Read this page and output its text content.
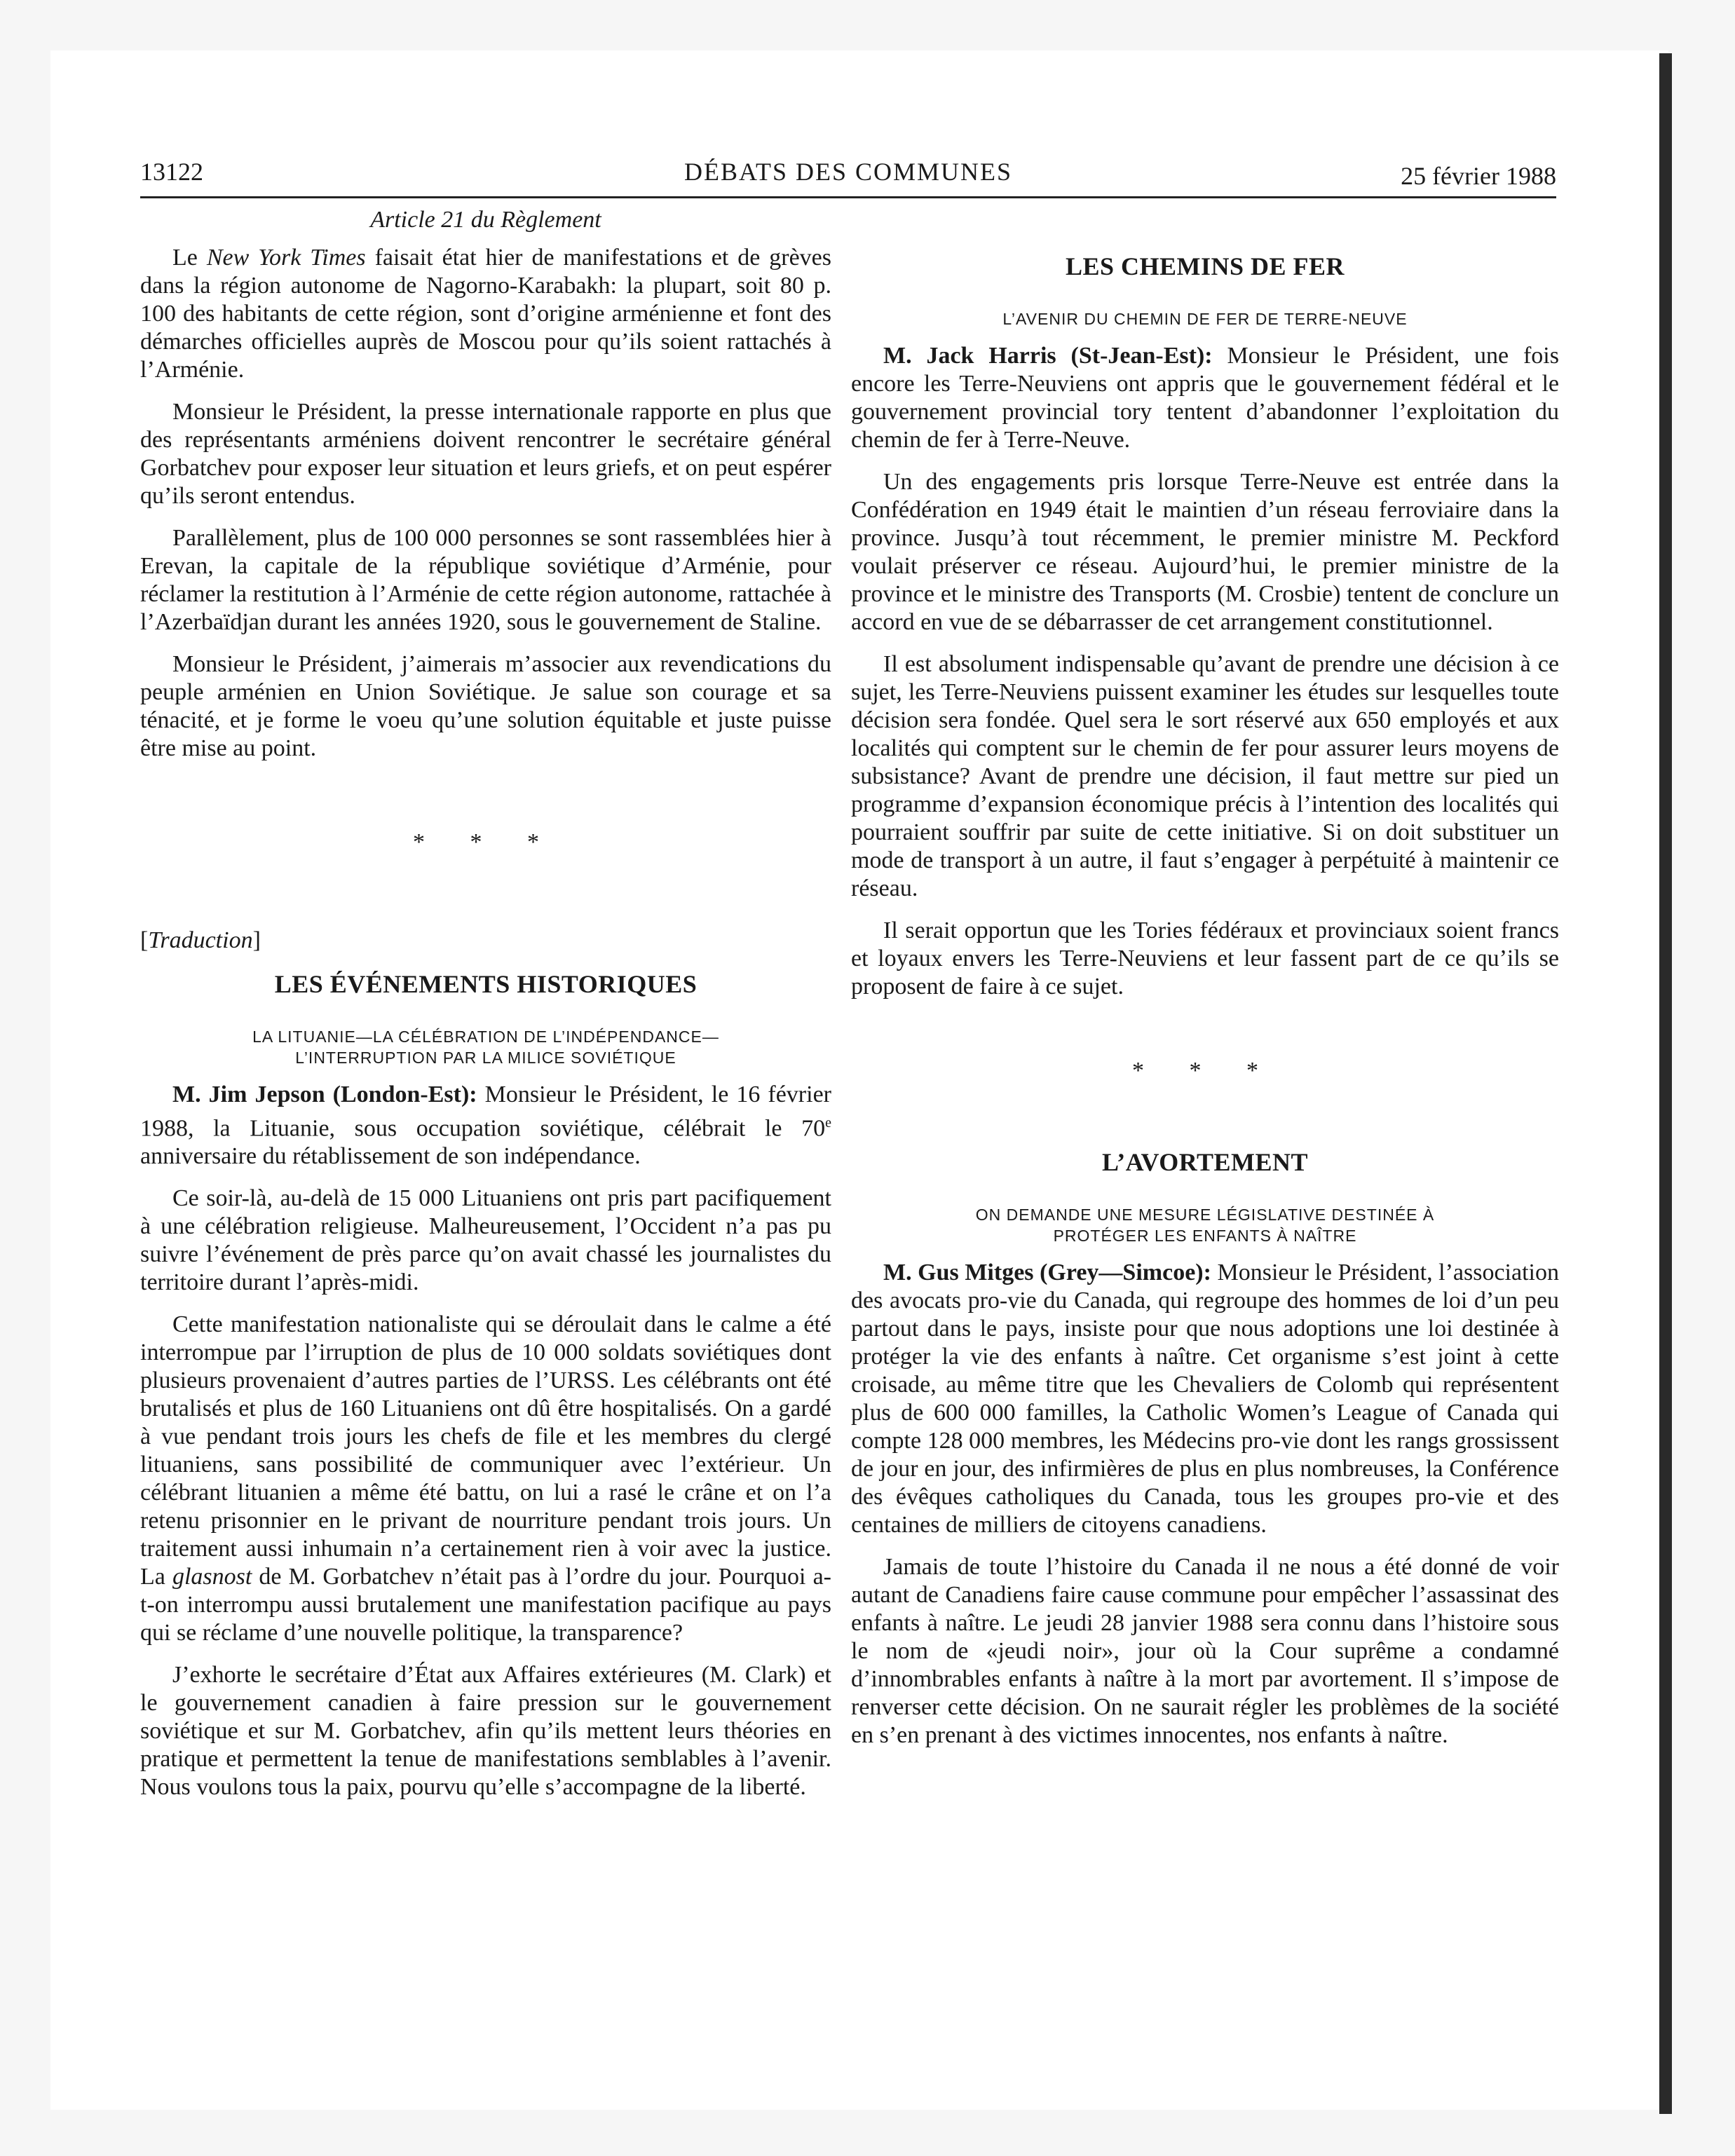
13122	DÉBATS DES COMMUNES	25 février 1988
Article 21 du Règlement

Le New York Times faisait état hier de manifestations et de grèves dans la région autonome de Nagorno-Karabakh: la plupart, soit 80 p. 100 des habitants de cette région, sont d’origine arménienne et font des démarches officielles auprès de Moscou pour qu’ils soient rattachés à l’Arménie.

Monsieur le Président, la presse internationale rapporte en plus que des représentants arméniens doivent rencontrer le secrétaire général Gorbatchev pour exposer leur situation et leurs griefs, et on peut espérer qu’ils seront entendus.

Parallèlement, plus de 100 000 personnes se sont rassemblées hier à Erevan, la capitale de la république soviétique d’Arménie, pour réclamer la restitution à l’Arménie de cette région autonome, rattachée à l’Azerbaïdjan durant les années 1920, sous le gouvernement de Staline.

Monsieur le Président, j’aimerais m’associer aux revendications du peuple arménien en Union Soviétique. Je salue son courage et sa ténacité, et je forme le voeu qu’une solution équitable et juste puisse être mise au point.

* * *
[Traduction]
LES ÉVÉNEMENTS HISTORIQUES
LA LITUANIE—LA CÉLÉBRATION DE L’INDÉPENDANCE—
L’INTERRUPTION PAR LA MILICE SOVIÉTIQUE

M. Jim Jepson (London-Est): Monsieur le Président, le 16 février 1988, la Lituanie, sous occupation soviétique, célébrait le 70e anniversaire du rétablissement de son indépendance.

Ce soir-là, au-delà de 15 000 Lituaniens ont pris part pacifiquement à une célébration religieuse. Malheureusement, l’Occident n’a pas pu suivre l’événement de près parce qu’on avait chassé les journalistes du territoire durant l’après-midi.

Cette manifestation nationaliste qui se déroulait dans le calme a été interrompue par l’irruption de plus de 10 000 soldats soviétiques dont plusieurs provenaient d’autres parties de l’URSS. Les célébrants ont été brutalisés et plus de 160 Lituaniens ont dû être hospitalisés. On a gardé à vue pendant trois jours les chefs de file et les membres du clergé lituaniens, sans possibilité de communiquer avec l’extérieur. Un célébrant lituanien a même été battu, on lui a rasé le crâne et on l’a retenu prisonnier en le privant de nourriture pendant trois jours. Un traitement aussi inhumain n’a certainement rien à voir avec la justice. La glasnost de M. Gorbatchev n’était pas à l’ordre du jour. Pourquoi a-t-on interrompu aussi brutalement une manifestation pacifique au pays qui se réclame d’une nouvelle politique, la transparence?

J’exhorte le secrétaire d’État aux Affaires extérieures (M. Clark) et le gouvernement canadien à faire pression sur le gouvernement soviétique et sur M. Gorbatchev, afin qu’ils mettent leurs théories en pratique et permettent la tenue de manifestations semblables à l’avenir. Nous voulons tous la paix, pourvu qu’elle s’accompagne de la liberté.

LES CHEMINS DE FER
L’AVENIR DU CHEMIN DE FER DE TERRE-NEUVE

M. Jack Harris (St-Jean-Est): Monsieur le Président, une fois encore les Terre-Neuviens ont appris que le gouvernement fédéral et le gouvernement provincial tory tentent d’abandonner l’exploitation du chemin de fer à Terre-Neuve.

Un des engagements pris lorsque Terre-Neuve est entrée dans la Confédération en 1949 était le maintien d’un réseau ferroviaire dans la province. Jusqu’à tout récemment, le premier ministre M. Peckford voulait préserver ce réseau. Aujourd’hui, le premier ministre de la province et le ministre des Transports (M. Crosbie) tentent de conclure un accord en vue de se débarrasser de cet arrangement constitutionnel.

Il est absolument indispensable qu’avant de prendre une décision à ce sujet, les Terre-Neuviens puissent examiner les études sur lesquelles toute décision sera fondée. Quel sera le sort réservé aux 650 employés et aux localités qui comptent sur le chemin de fer pour assurer leurs moyens de subsistance? Avant de prendre une décision, il faut mettre sur pied un programme d’expansion économique précis à l’intention des localités qui pourraient souffrir par suite de cette initiative. Si on doit substituer un mode de transport à un autre, il faut s’engager à perpétuité à maintenir ce réseau.

Il serait opportun que les Tories fédéraux et provinciaux soient francs et loyaux envers les Terre-Neuviens et leur fassent part de ce qu’ils se proposent de faire à ce sujet.

* * *
L’AVORTEMENT
ON DEMANDE UNE MESURE LÉGISLATIVE DESTINÉE À
PROTÉGER LES ENFANTS À NAÎTRE

M. Gus Mitges (Grey—Simcoe): Monsieur le Président, l’association des avocats pro-vie du Canada, qui regroupe des hommes de loi d’un peu partout dans le pays, insiste pour que nous adoptions une loi destinée à protéger la vie des enfants à naître. Cet organisme s’est joint à cette croisade, au même titre que les Chevaliers de Colomb qui représentent plus de 600 000 familles, la Catholic Women’s League of Canada qui compte 128 000 membres, les Médecins pro-vie dont les rangs grossissent de jour en jour, des infirmières de plus en plus nombreuses, la Conférence des évêques catholiques du Canada, tous les groupes pro-vie et des centaines de milliers de citoyens canadiens.

Jamais de toute l’histoire du Canada il ne nous a été donné de voir autant de Canadiens faire cause commune pour empêcher l’assassinat des enfants à naître. Le jeudi 28 janvier 1988 sera connu dans l’histoire sous le nom de «jeudi noir», jour où la Cour suprême a condamné d’innombrables enfants à naître à la mort par avortement. Il s’impose de renverser cette décision. On ne saurait régler les problèmes de la société en s’en prenant à des victimes innocentes, nos enfants à naître.
